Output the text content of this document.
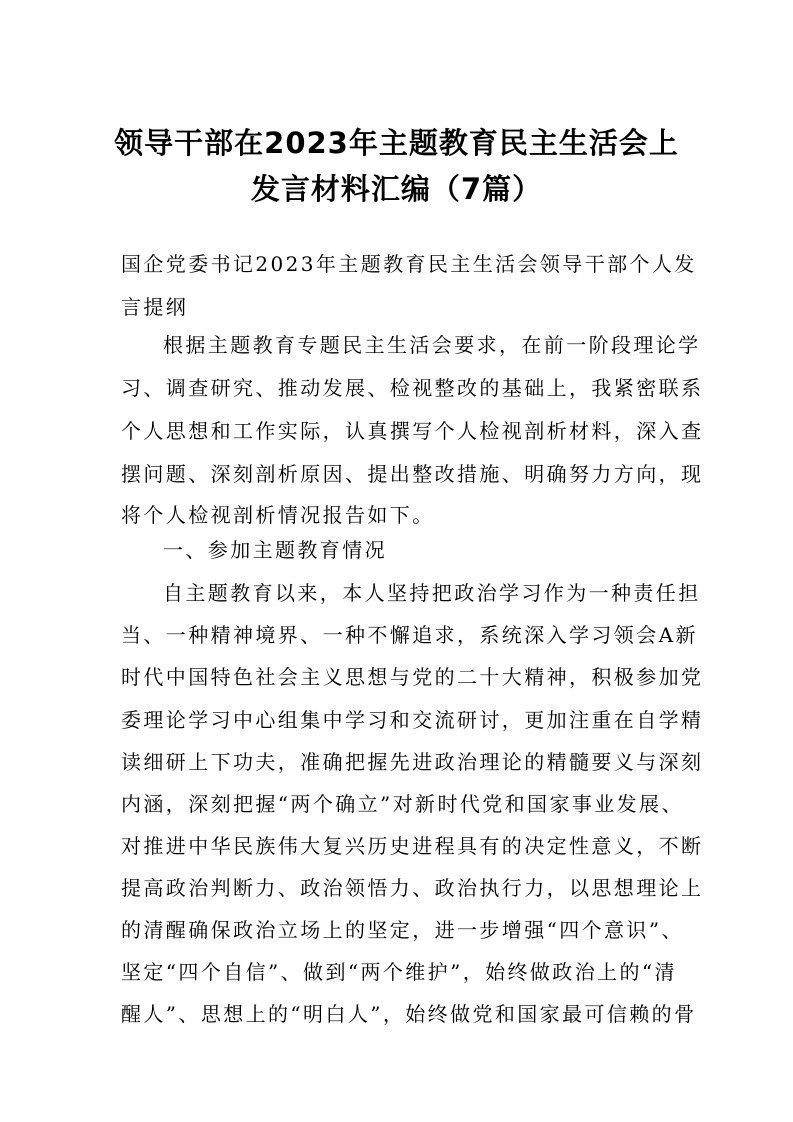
领导干部在2023年主题教育民主生活会上
发言材料汇编（7篇）
国企党委书记2023年主题教育民主生活会领导干部个人发
言提纲
根据主题教育专题民主生活会要求，在前一阶段理论学
习、调查研究、推动发展、检视整改的基础上，我紧密联系
个人思想和工作实际，认真撰写个人检视剖析材料，深入查
摆问题、深刻剖析原因、提出整改措施、明确努力方向，现
将个人检视剖析情况报告如下。
一、参加主题教育情况
自主题教育以来，本人坚持把政治学习作为一种责任担
当、一种精神境界、一种不懈追求，系统深入学习领会A新
时代中国特色社会主义思想与党的二十大精神，积极参加党
委理论学习中心组集中学习和交流研讨，更加注重在自学精
读细研上下功夫，准确把握先进政治理论的精髓要义与深刻
内涵，深刻把握“两个确立”对新时代党和国家事业发展、
对推进中华民族伟大复兴历史进程具有的决定性意义，不断
提高政治判断力、政治领悟力、政治执行力，以思想理论上
的清醒确保政治立场上的坚定，进一步增强“四个意识”、
坚定“四个自信”、做到“两个维护”，始终做政治上的“清
醒人”、思想上的“明白人”，始终做党和国家最可信赖的骨
